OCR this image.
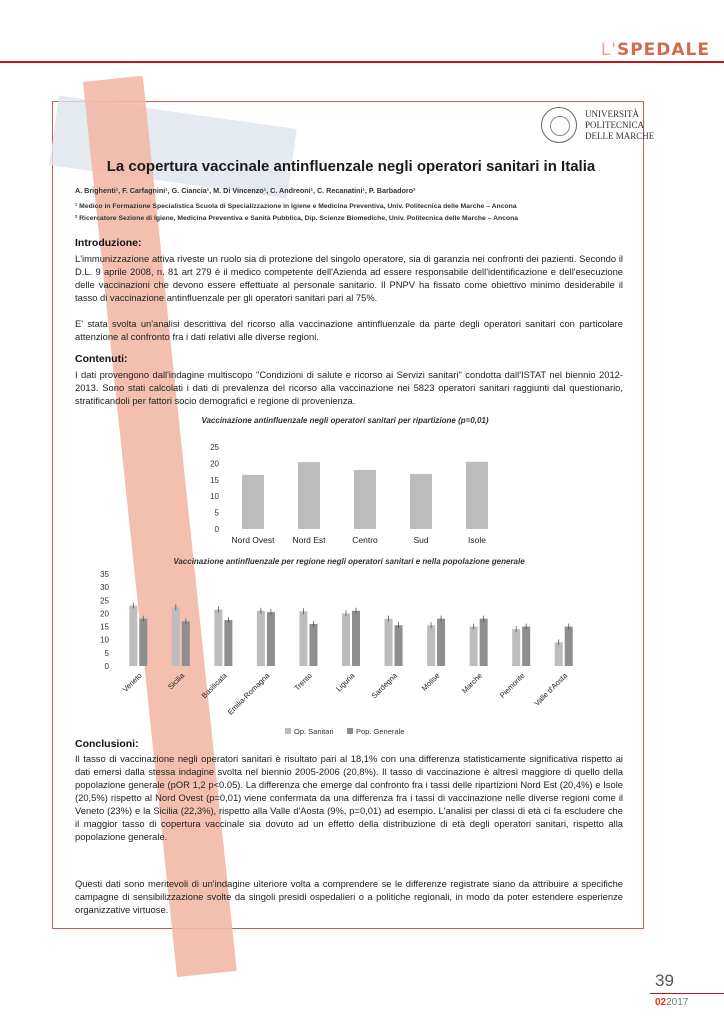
L'SPEDALE
UNIVERSITÀ
POLITECNICA
DELLE MARCHE
La copertura vaccinale antinfluenzale negli operatori sanitari in Italia
A. Brighenti¹, F. Carfagnini¹, G. Ciancia¹, M. Di Vincenzo¹, C. Andreoni¹, C. Recanatini¹, P. Barbadoro²
¹ Medico in Formazione Specialistica Scuola di Specializzazione in Igiene e Medicina Preventiva, Univ. Politecnica delle Marche – Ancona
² Ricercatore Sezione di Igiene, Medicina Preventiva e Sanità Pubblica, Dip. Scienze Biomediche, Univ. Politecnica delle Marche – Ancona
Introduzione:
L'immunizzazione attiva riveste un ruolo sia di protezione del singolo operatore, sia di garanzia nei confronti dei pazienti. Secondo il D.L. 9 aprile 2008, n. 81 art 279 è il medico competente dell'Azienda ad essere responsabile dell'identificazione e dell'esecuzione delle vaccinazioni che devono essere effettuate al personale sanitario. Il PNPV ha fissato come obiettivo minimo desiderabile il tasso di vaccinazione antinfluenzale per gli operatori sanitari pari al 75%.
E' stata svolta un'analisi descrittiva del ricorso alla vaccinazione antinfluenzale da parte degli operatori sanitari con particolare attenzione al confronto fra i dati relativi alle diverse regioni.
Contenuti:
I dati provengono dall'indagine multiscopo "Condizioni di salute e ricorso ai Servizi sanitari" condotta dall'ISTAT nel biennio 2012-2013. Sono stati calcolati i dati di prevalenza del ricorso alla vaccinazione nei 5823 operatori sanitari raggiunti dal questionario, stratificandoli per fattori socio demografici e regione di provenienza.
Vaccinazione antinfluenzale negli operatori sanitari per ripartizione (p=0,01)
0
5
10
15
20
25
Nord Ovest Nord Est	Centro	Sud	Isole
Vaccinazione antinfluenzale per regione negli operatori sanitari e nella popolazione generale
0
5
10
15
20
25
30
35
Veneto	Sicilia Basilicata
Emilia-Romagna	Trento	Liguria Sardegna	Molise Marche Piemonte Valle d'Aosta
Op. Sanitari	Pop. Generale
Conclusioni:
Il tasso di vaccinazione negli operatori sanitari è risultato pari al 18,1% con una differenza statisticamente significativa rispetto ai dati emersi dalla stessa indagine svolta nel biennio 2005-2006 (20,8%). Il tasso di vaccinazione è altresì maggiore di quello della popolazione generale (pOR 1,2 p<0.05). La differenza che emerge dal confronto fra i tassi delle ripartizioni Nord Est (20,4%) e Isole (20,5%) rispetto al Nord Ovest (p=0,01) viene confermata da una differenza fra i tassi di vaccinazione nelle diverse regioni come il Veneto (23%) e la Sicilia (22,3%), rispetto alla Valle d'Aosta (9%, p=0,01) ad esempio. L'analisi per classi di età ci fa escludere che il maggior tasso di copertura vaccinale sia dovuto ad un effetto della distribuzione di età degli operatori sanitari, rispetto alla popolazione generale.
Questi dati sono meritevoli di un'indagine ulteriore volta a comprendere se le differenze registrate siano da attribuire a specifiche campagne di sensibilizzazione svolte da singoli presidi ospedalieri o a politiche regionali, in modo da poter estendere esperienze organizzative virtuose.
39
022017
